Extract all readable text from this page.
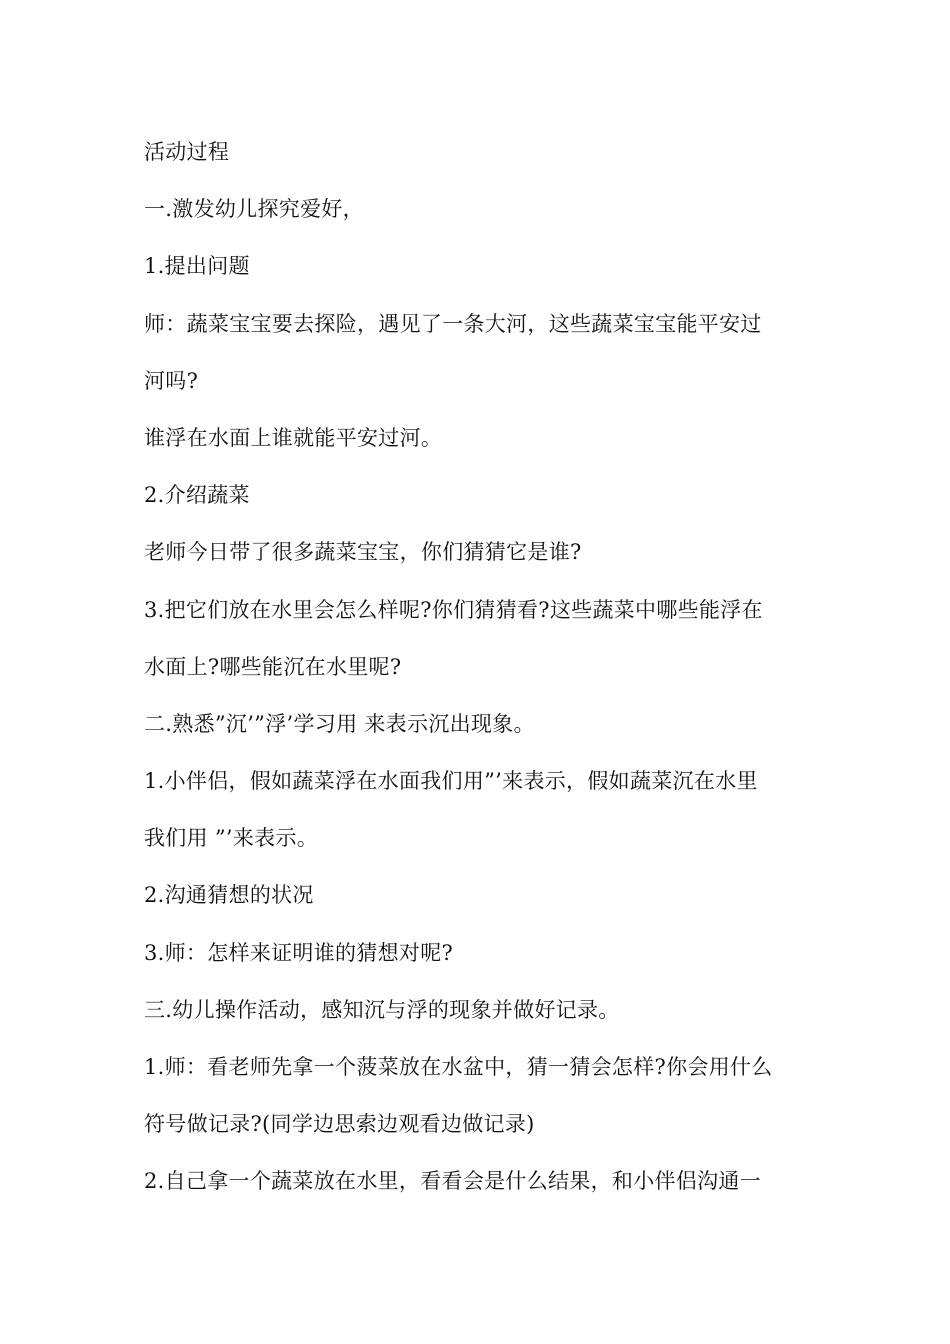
活动过程
一.激发幼儿探究爱好，
1.提出问题
师：蔬菜宝宝要去探险，遇见了一条大河，这些蔬菜宝宝能平安过
河吗?
谁浮在水面上谁就能平安过河。
2.介绍蔬菜
老师今日带了很多蔬菜宝宝，你们猜猜它是谁?
3.把它们放在水里会怎么样呢?你们猜猜看?这些蔬菜中哪些能浮在
水面上?哪些能沉在水里呢?
二.熟悉”沉’”浮’学习用 来表示沉出现象。
1.小伴侣，假如蔬菜浮在水面我们用”’来表示，假如蔬菜沉在水里
我们用 ”’来表示。
2.沟通猜想的状况
3.师：怎样来证明谁的猜想对呢?
三.幼儿操作活动，感知沉与浮的现象并做好记录。
1.师：看老师先拿一个菠菜放在水盆中，猜一猜会怎样?你会用什么
符号做记录?(同学边思索边观看边做记录)
2.自己拿一个蔬菜放在水里，看看会是什么结果，和小伴侣沟通一
